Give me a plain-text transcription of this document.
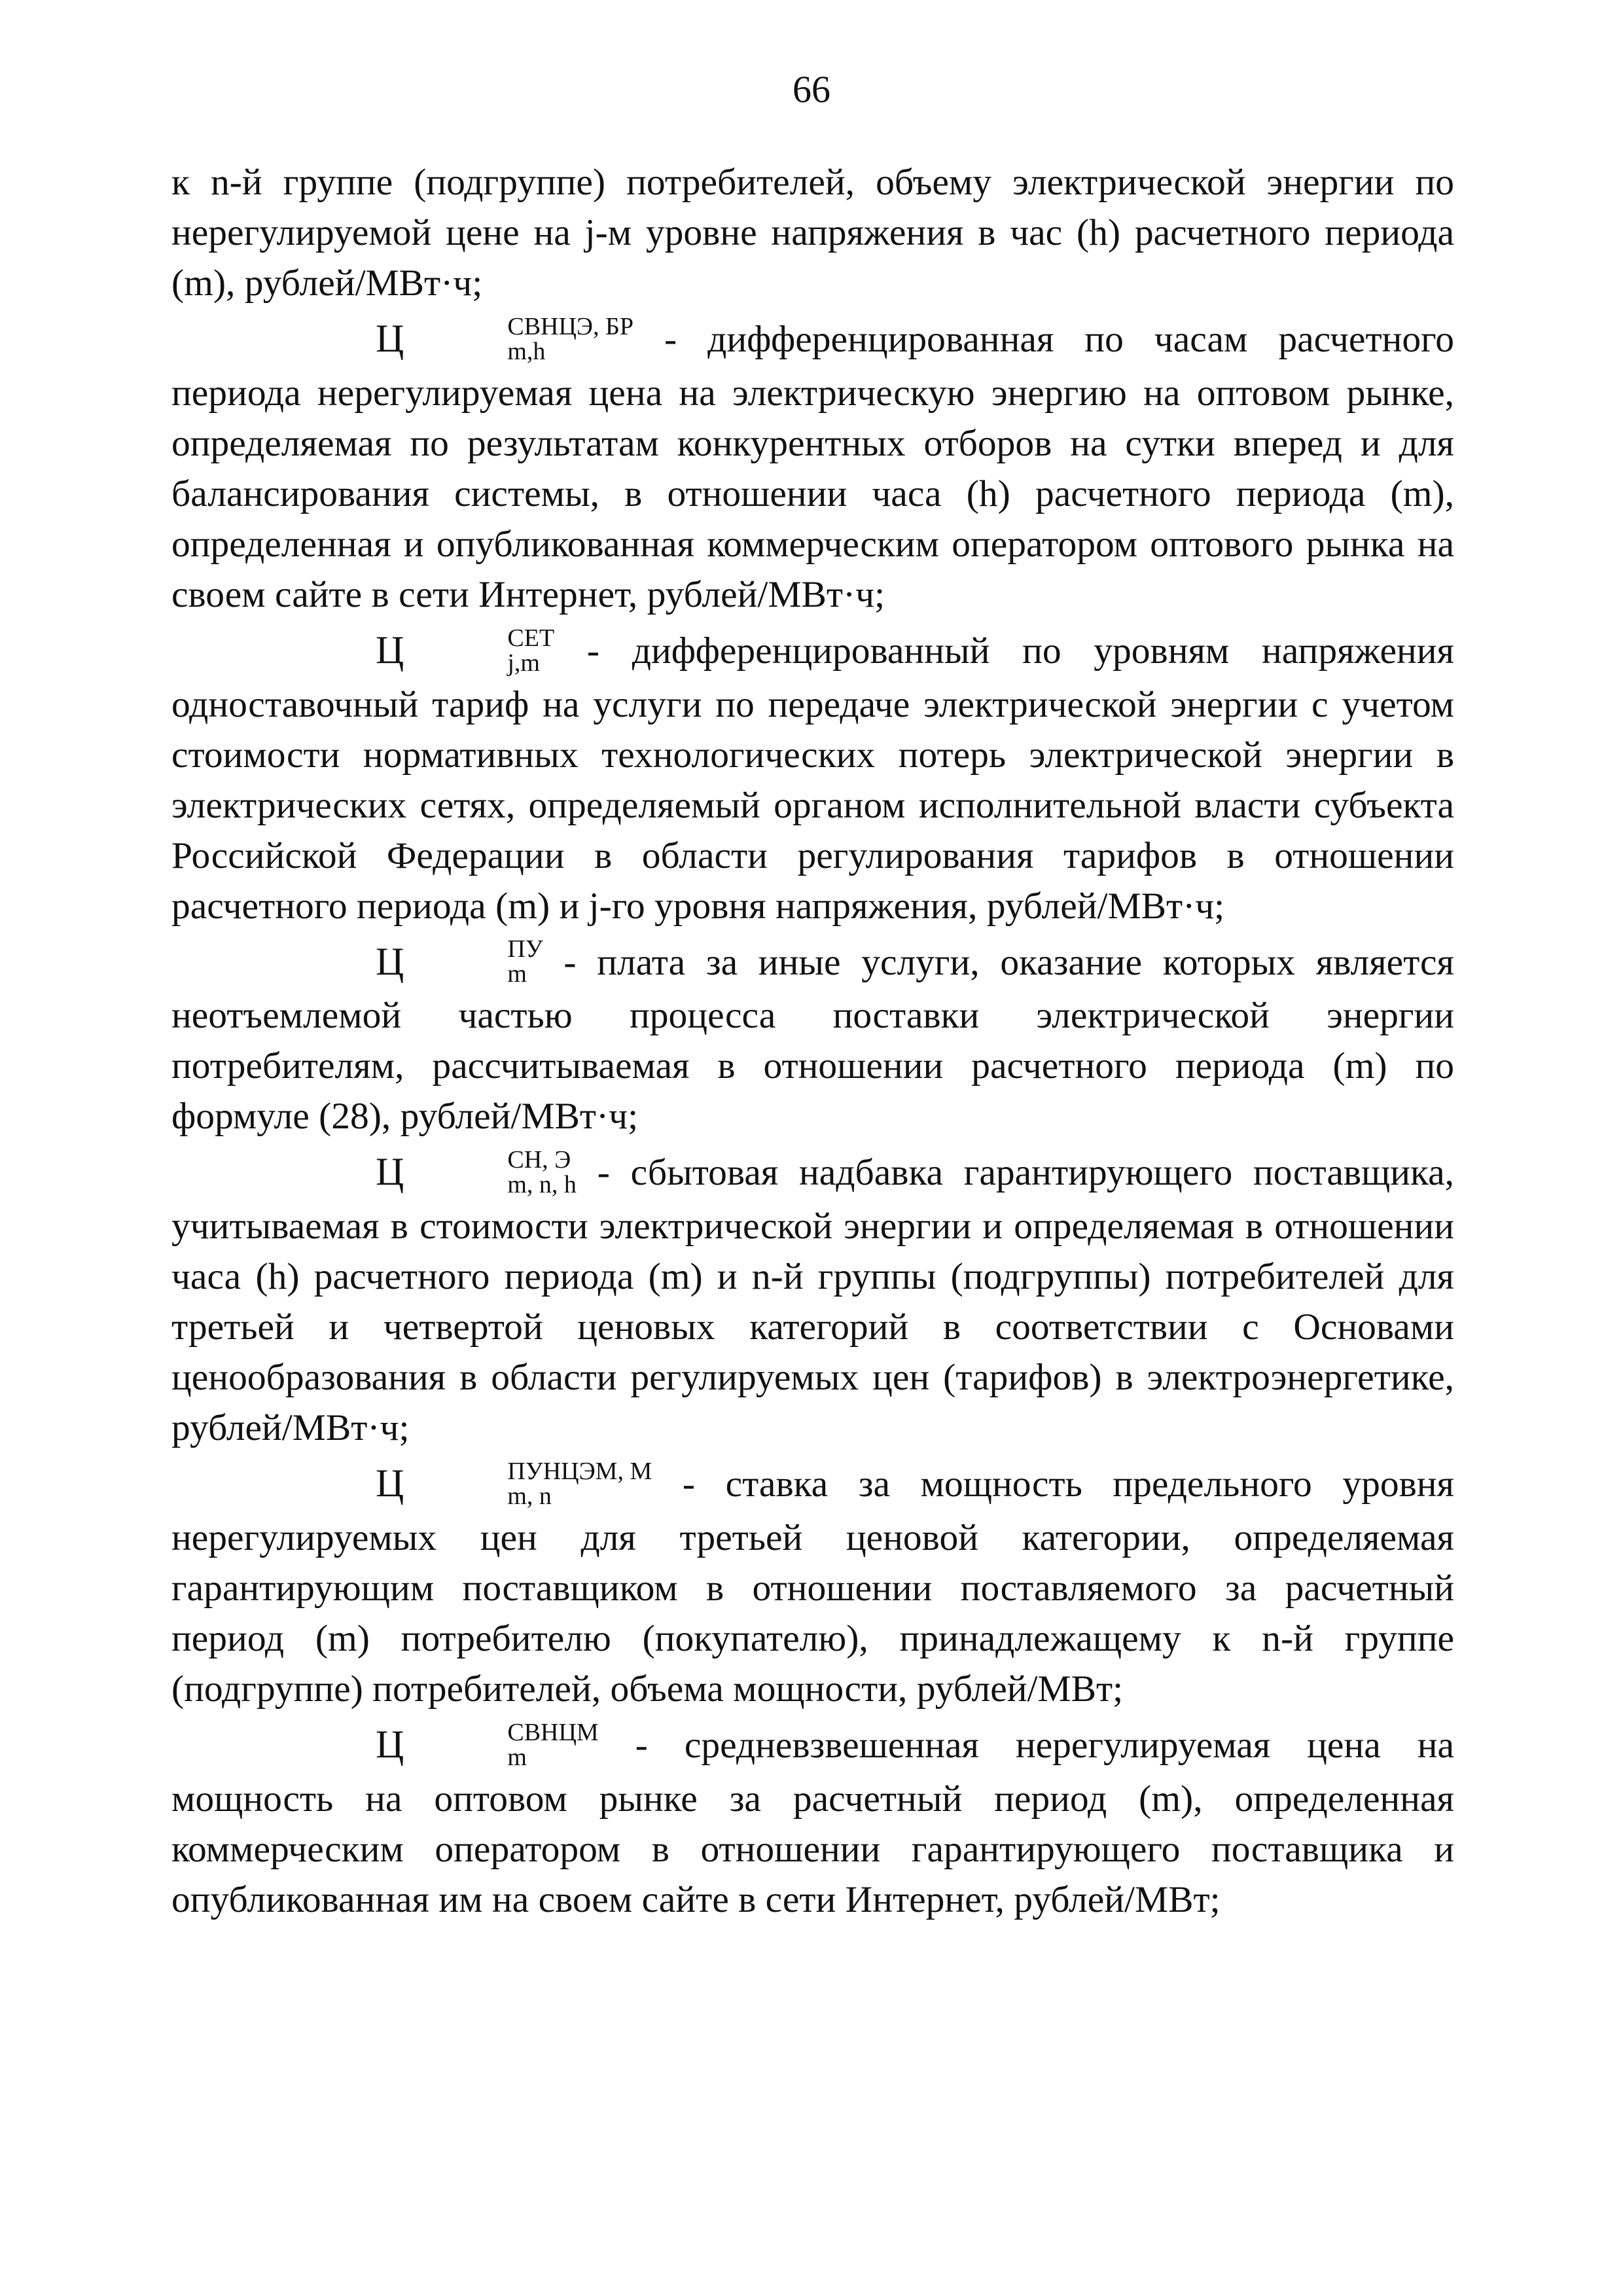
66

к n-й группе (подгруппе) потребителей, объему электрической энергии по нерегулируемой цене на j-м уровне напряжения в час (h) расчетного периода (m), рублей/МВт·ч;

Ц	СВНЦЭ, БР
m,h	- дифференцированная по часам расчетного периода нерегулируемая цена на электрическую энергию на оптовом рынке, определяемая по результатам конкурентных отборов на сутки вперед и для балансирования системы, в отношении часа (h) расчетного периода (m), определенная и опубликованная коммерческим оператором оптового рынка на своем сайте в сети Интернет, рублей/МВт·ч;

Ц	СЕТ
j,m	- дифференцированный по уровням напряжения одноставочный тариф на услуги по передаче электрической энергии с учетом стоимости нормативных технологических потерь электрической энергии в электрических сетях, определяемый органом исполнительной власти субъекта Российской Федерации в области регулирования тарифов в отношении расчетного периода (m) и j-го уровня напряжения, рублей/МВт·ч;

Ц	ПУ
m - плата за иные услуги, оказание которых является неотъемлемой частью процесса поставки электрической энергии потребителям, рассчитываемая в отношении расчетного периода (m) по формуле (28), рублей/МВт·ч;

Ц	СН, Э
m, n, h - сбытовая надбавка гарантирующего поставщика, учитываемая в стоимости электрической энергии и определяемая в отношении часа (h) расчетного периода (m) и n-й группы (подгруппы) потребителей для третьей и четвертой ценовых категорий в соответствии с Основами ценообразования в области регулируемых цен (тарифов) в электроэнергетике, рублей/МВт·ч;

Ц	ПУНЦЭМ, М
m, n	- ставка за мощность предельного уровня нерегулируемых цен для третьей ценовой категории, определяемая гарантирующим поставщиком в отношении поставляемого за расчетный период (m) потребителю (покупателю), принадлежащему к n-й группе (подгруппе) потребителей, объема мощности, рублей/МВт;

Ц	СВНЦМ
m	- средневзвешенная нерегулируемая цена на мощность на оптовом рынке за расчетный период (m), определенная коммерческим оператором в отношении гарантирующего поставщика и опубликованная им на своем сайте в сети Интернет, рублей/МВт;
